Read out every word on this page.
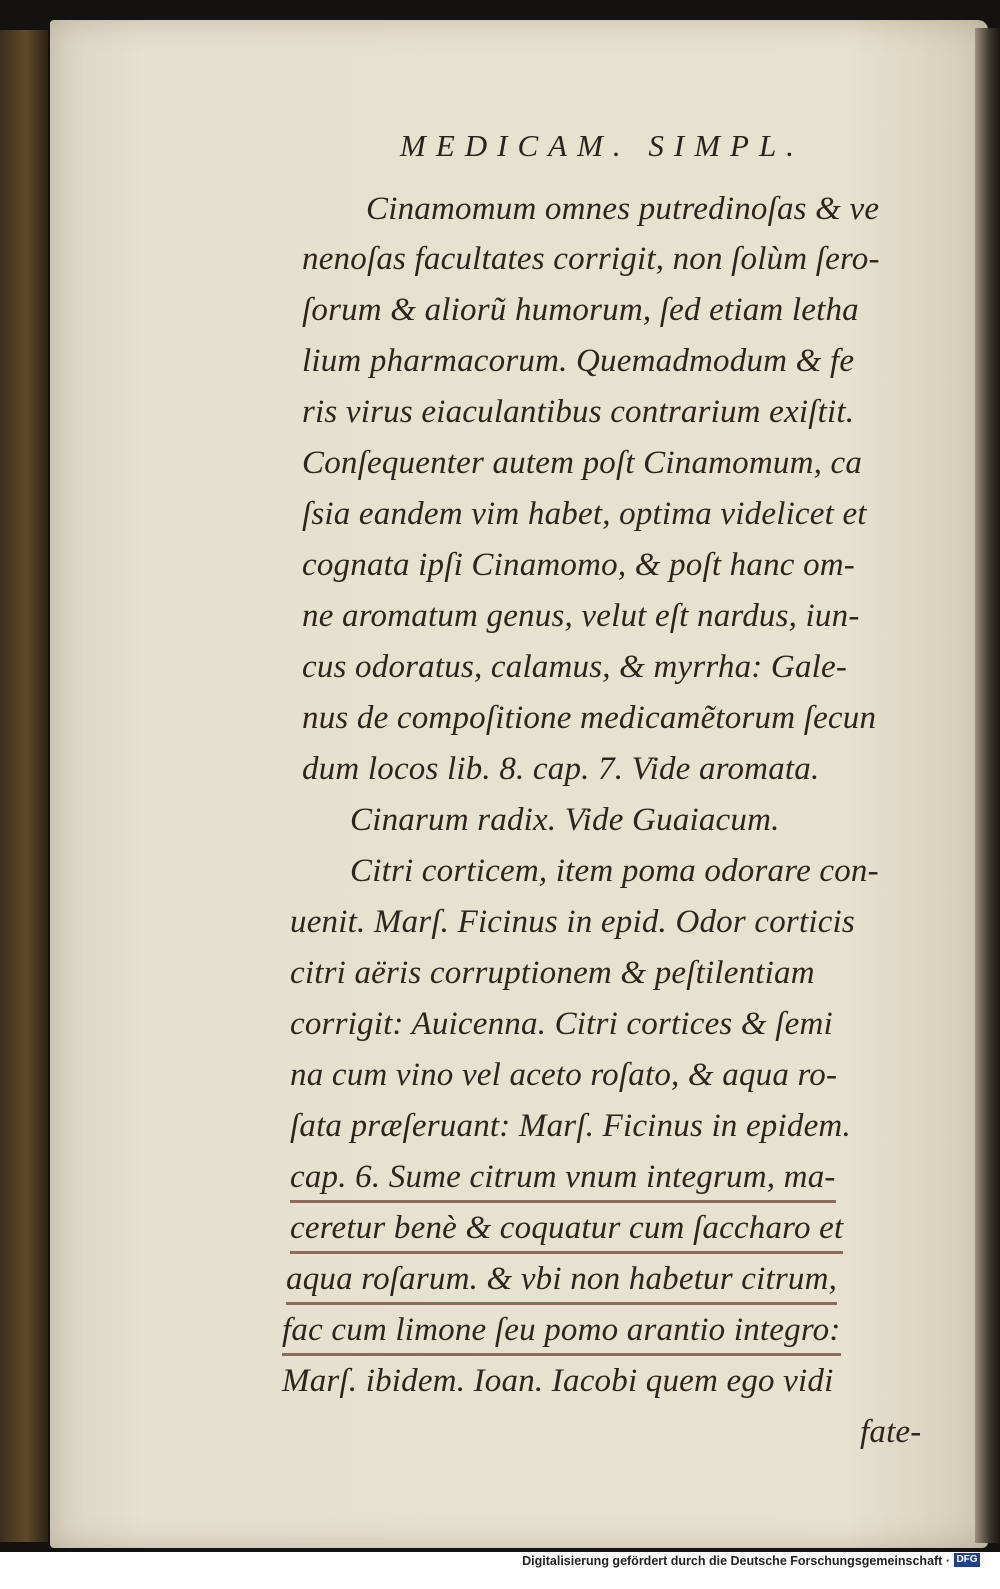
MEDICAM. SIMPL.
Cinamomum omnes putredinoſas & ve
nenoſas facultates corrigit, non ſolùm ſero-
ſorum & aliorũ humorum, ſed etiam letha
lium pharmacorum. Quemadmodum & fe
ris virus eiaculantibus contrarium exiſtit.
Conſequenter autem poſt Cinamomum, ca
ſsia eandem vim habet, optima videlicet et
cognata ipſi Cinamomo, & poſt hanc om-
ne aromatum genus, velut eſt nardus, iun-
cus odoratus, calamus, & myrrha: Gale-
nus de compoſitione medicamẽtorum ſecun
dum locos lib. 8. cap. 7. Vide aromata.
Cinarum radix. Vide Guaiacum.
Citri corticem, item poma odorare con-
uenit. Marſ. Ficinus in epid. Odor corticis
citri aëris corruptionem & peſtilentiam
corrigit: Auicenna. Citri cortices & ſemi
na cum vino vel aceto roſato, & aqua ro-
ſata præſeruant: Marſ. Ficinus in epidem.
cap. 6. Sume citrum vnum integrum, ma-
ceretur benè & coquatur cum ſaccharo et
aqua roſarum. & vbi non habetur citrum,
fac cum limone ſeu pomo arantio integro:
Marſ. ibidem. Ioan. Iacobi quem ego vidi
fate-
Digitalisierung gefördert durch die Deutsche Forschungsgemeinschaft · DFG
